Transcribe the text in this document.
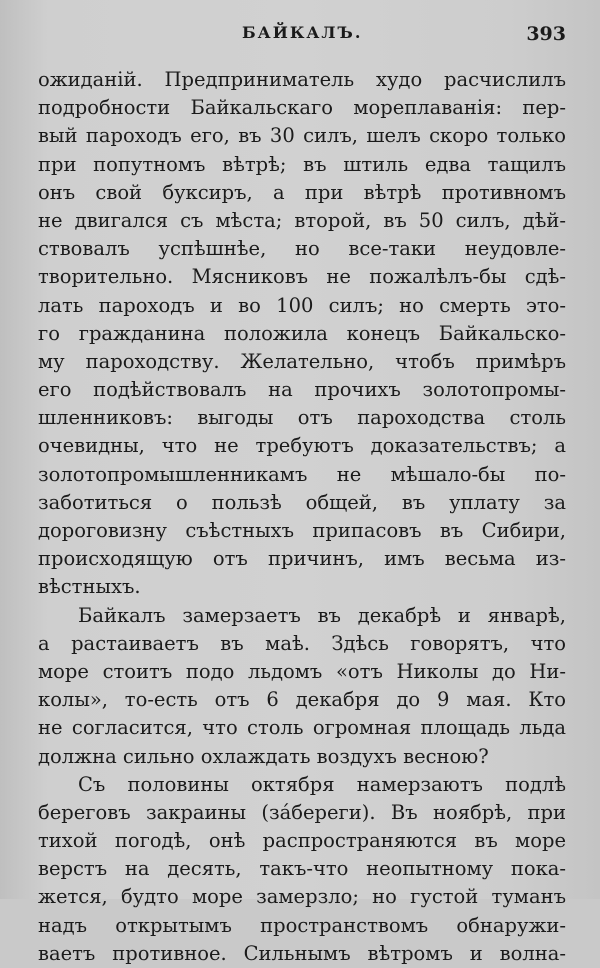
БАЙКАЛЪ.	393
ожиданій. Предприниматель худо расчислилъ
подробности Байкальскаго мореплаванія: пер-
вый пароходъ его, въ 30 силъ, шелъ скоро только
при попутномъ вѣтрѣ; въ штиль едва тащилъ
онъ свой буксиръ, а при вѣтрѣ противномъ
не двигался съ мѣста; второй, въ 50 силъ, дѣй-
ствовалъ успѣшнѣе, но все-таки неудовле-
творительно. Мясниковъ не пожалѣлъ-бы сдѣ-
лать пароходъ и во 100 силъ; но смерть это-
го гражданина положила конецъ Байкальско-
му пароходству. Желательно, чтобъ примѣръ
его подѣйствовалъ на прочихъ золотопромы-
шленниковъ: выгоды отъ пароходства столь
очевидны, что не требуютъ доказательствъ; а
золотопромышленникамъ не мѣшало-бы по-
заботиться о пользѣ общей, въ уплату за
дороговизну съѣстныхъ припасовъ въ Сибири,
происходящую отъ причинъ, имъ весьма из-
вѣстныхъ.
Байкалъ замерзаетъ въ декабрѣ и январѣ,
а растаиваетъ въ маѣ. Здѣсь говорятъ, что
море стоитъ подо льдомъ «отъ Николы до Ни-
колы», то-есть отъ 6 декабря до 9 мая. Кто
не согласится, что столь огромная площадь льда
должна сильно охлаждать воздухъ весною?
Съ половины октября намерзаютъ подлѣ
береговъ закраины (зáбереги). Въ ноябрѣ, при
тихой погодѣ, онѣ распространяются въ море
верстъ на десять, такъ-что неопытному пока-
жется, будто море замерзло; но густой туманъ
надъ открытымъ пространствомъ обнаружи-
ваетъ противное. Сильнымъ вѣтромъ и волна-
